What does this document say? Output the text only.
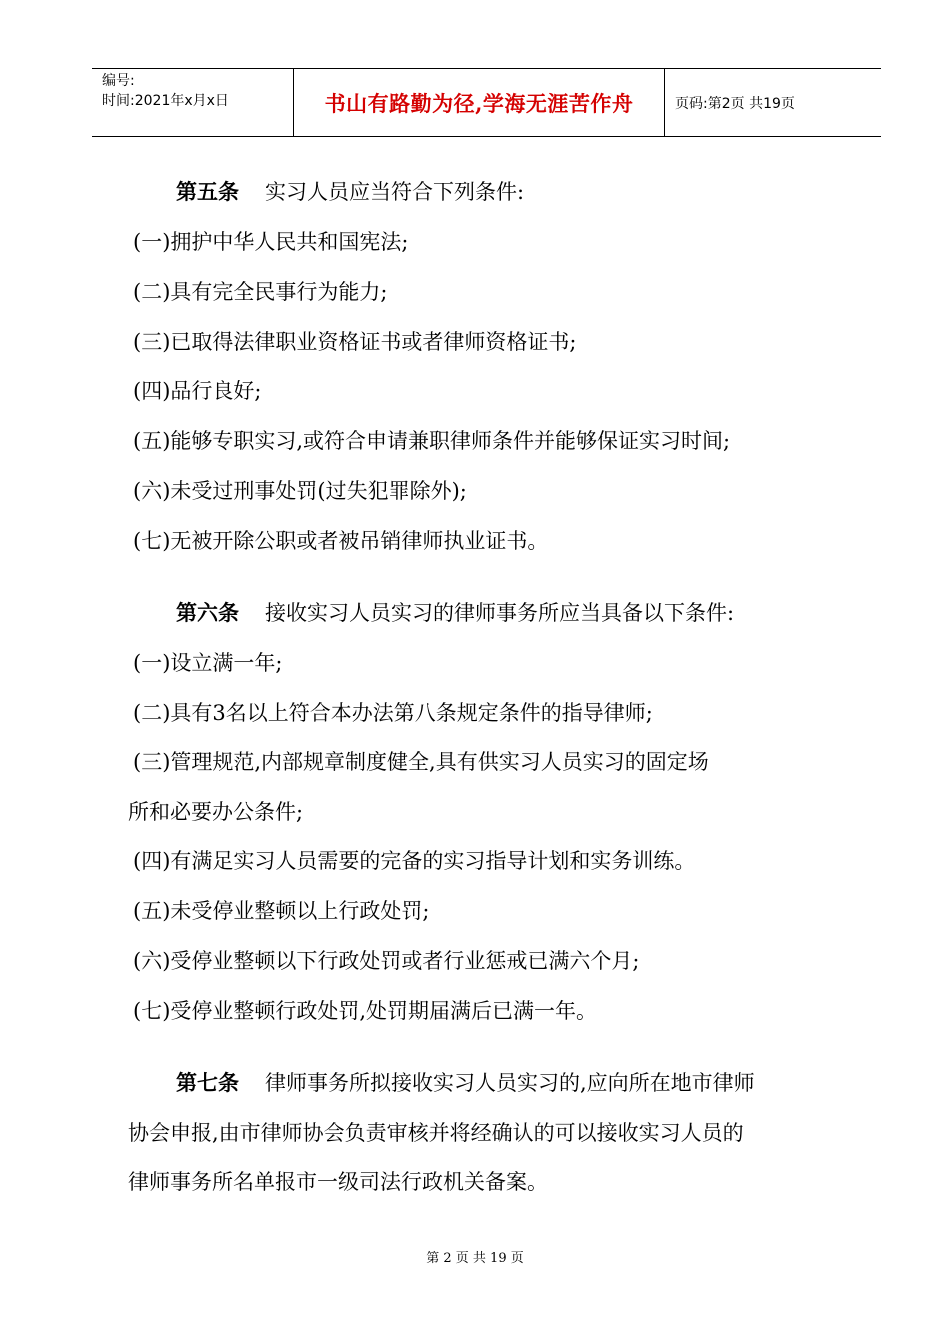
编号:
时间:2021年x月x日	书山有路勤为径,学海无涯苦作舟	页码:第2页 共19页
第五条 实习人员应当符合下列条件:
(一)拥护中华人民共和国宪法;
(二)具有完全民事行为能力;
(三)已取得法律职业资格证书或者律师资格证书;
(四)品行良好;
(五)能够专职实习,或符合申请兼职律师条件并能够保证实习时间;
(六)未受过刑事处罚(过失犯罪除外);
(七)无被开除公职或者被吊销律师执业证书。
第六条 接收实习人员实习的律师事务所应当具备以下条件:
(一)设立满一年;
(二)具有3名以上符合本办法第八条规定条件的指导律师;
(三)管理规范,内部规章制度健全,具有供实习人员实习的固定场
所和必要办公条件;
(四)有满足实习人员需要的完备的实习指导计划和实务训练。
(五)未受停业整顿以上行政处罚;
(六)受停业整顿以下行政处罚或者行业惩戒已满六个月;
(七)受停业整顿行政处罚,处罚期届满后已满一年。
第七条 律师事务所拟接收实习人员实习的,应向所在地市律师
协会申报,由市律师协会负责审核并将经确认的可以接收实习人员的
律师事务所名单报市一级司法行政机关备案。
第 2 页 共 19 页
